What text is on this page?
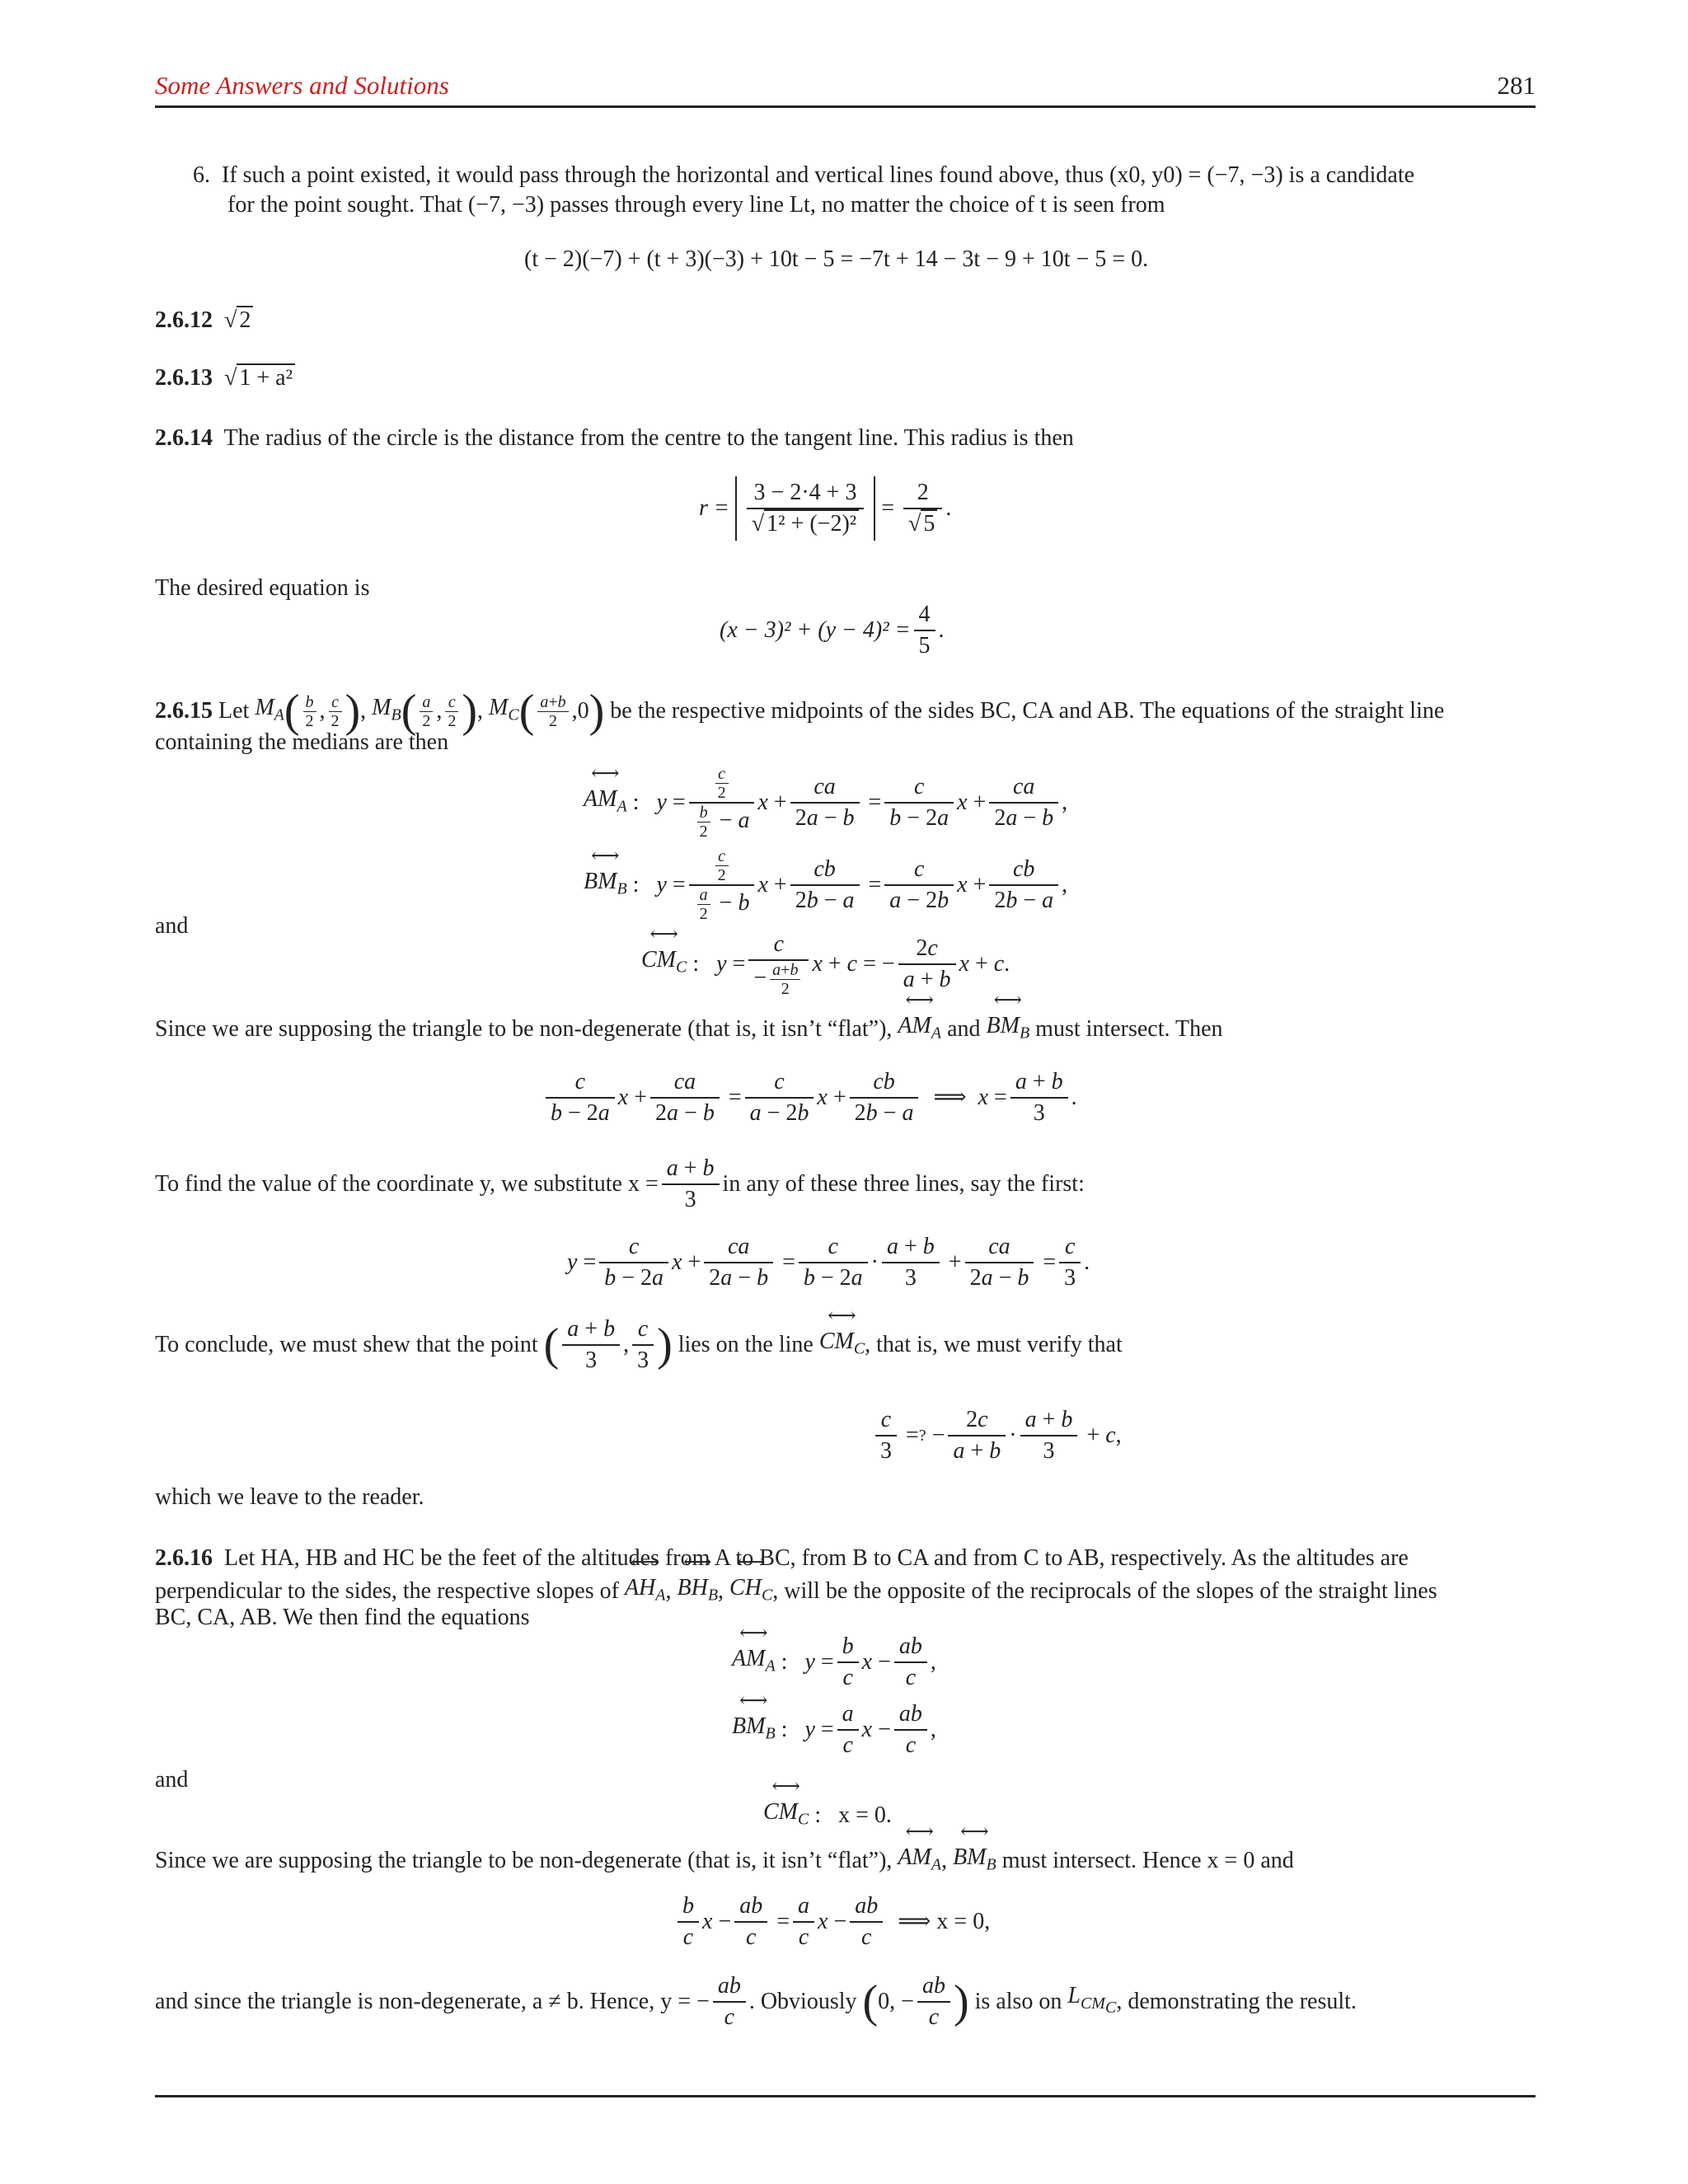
Some Answers and Solutions	281
6. If such a point existed, it would pass through the horizontal and vertical lines found above, thus (x0, y0) = (−7, −3) is a candidate
for the point sought. That (−7, −3) passes through every line Lt, no matter the choice of t is seen from
(t − 2)(−7) + (t + 3)(−3) + 10t − 5 = −7t + 14 − 3t − 9 + 10t − 5 = 0.
2.6.12  √ 2
2.6.13  √ 1 + a²
2.6.14 The radius of the circle is the distance from the centre to the tangent line. This radius is then
r =
$\frac{3 - 2\cdot 4 + 3}{\text{√ 1² + (−2)²}}$
=
$\frac{2}{√ 5}$ .
The desired equation is
$(x - 3)^2 + (y - 4)^2 = \frac{4}{5}$ .
2.6.15
Let
$M_A$ ( $\frac{b}{2}$ , $\frac{c}{2}$ ) , $M_B$ ( $\frac{a}{2}$ , $\frac{c}{2}$ ) , $M_C$ ( $\frac{a+b}{2} ,0$ )
be the respective midpoints of the sides BC, CA and AB. The equations of the straight line
containing the medians are then
⟷ $AM_A$ : $y = \frac{\frac{c}{2}}{\frac{b}{2} - a}$ $x + \frac{ca}{2a - b} = \frac{c}{b - 2a}$ $x + \frac{ca}{2a - b}$ ,
⟷ $BM_B$ : $y = \frac{\frac{c}{2}}{\frac{a}{2} - b}$ $x + \frac{cb}{2b - a} = \frac{c}{a - 2b}$ $x + \frac{cb}{2b - a}$ ,
and
⟷ $CM_C$ : $y = \frac{c}{- \frac{a+b}{2}}$ x + c = − $\frac{2c}{a + b}$ x + c .
Since we are supposing the triangle to be non-degenerate (that is, it isn’t “flat”),
⟷ $AM_A$
and
⟷ $BM_B$
must intersect. Then
$\frac{c}{b - 2a}$ $x + \frac{ca}{2a - b} = \frac{c}{a - 2b}$ $x + \frac{cb}{2b - a}$ ⟹ $x = \frac{a + b}{3}$ .
To find the value of the coordinate y, we substitute $x = \frac{a + b}{3}$ in any of these three lines, say the first:
$y = \frac{c}{b - 2a}$ $x + \frac{ca}{2a - b} = \frac{c}{b - 2a} \cdot \frac{a + b}{3} + \frac{ca}{2a - b} = \frac{c}{3}$ .
To conclude, we must shew that the point
( $\frac{a + b}{3}$ , $\frac{c}{3}$ )
lies on the line
⟷ $CM_C$ , that is, we must verify that
$\frac{c}{3}$ = ? − $\frac{2c}{a + b} \cdot \frac{a + b}{3} + c$ ,
which we leave to the reader.
2.6.16 Let HA, HB and HC be the feet of the altitudes from A to BC, from B to CA and from C to AB, respectively. As the altitudes are
perpendicular to the sides, the respective slopes of
⟷ $AH_A$ , ⟷ $BH_B$ , ⟷ $CH_C$ , will be the opposite of the reciprocals of the slopes of the straight lines
BC, CA, AB. We then find the equations
⟷ $AM_A$ : $y = \frac{b}{c}$ $x - \frac{ab}{c}$ ,
⟷ $BM_B$ : $y = \frac{a}{c}$ $x - \frac{ab}{c}$ ,
and
⟷ $CM_C$ : x = 0.
Since we are supposing the triangle to be non-degenerate (that is, it isn’t “flat”),
⟷ $AM_A$ , ⟷ $BM_B$
must intersect. Hence x = 0 and
$\frac{b}{c}$ $x - \frac{ab}{c} = \frac{a}{c}$ $x - \frac{ab}{c}$
⟹ x = 0,
and since the triangle is non-degenerate, a ≠ b. Hence, y = − $\frac{ab}{c}$ . Obviously
( 0, − $\frac{ab}{c}$ )
is also on
$L_{CM_C}$ , demonstrating the result.
